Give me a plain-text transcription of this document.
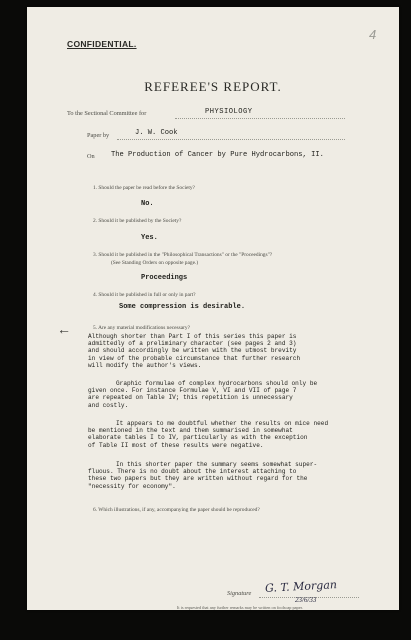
4
CONFIDENTIAL.
REFEREE'S REPORT.
To the Sectional Committee for	PHYSIOLOGY
Paper by	J. W. Cook
On The Production of Cancer by Pure Hydrocarbons, II.
1. Should the paper be read before the Society?
No.
2. Should it be published by the Society?
Yes.
3. Should it be published in the "Philosophical Transactions" or the "Proceedings"?
(See Standing Orders on opposite page.)
Proceedings
4. Should it be published in full or only in part?
Some compression is desirable.
←	5. Are any material modifications necessary?
Although shorter than Part I of this series this paper is
admittedly of a preliminary character (see pages 2 and 3)
and should accordingly be written with the utmost brevity
in view of the probable circumstance that further research
will modify the author's views.
Graphic formulae of complex hydrocarbons should only be
given once. For instance Formulae V, VI and VII of page 7
are repeated on Table IV; this repetition is unnecessary
and costly.
It appears to me doubtful whether the results on mice need
be mentioned in the text and them summarised in somewhat
elaborate tables I to IV, particularly as with the exception
of Table II most of these results were negative.
In this shorter paper the summary seems somewhat super-
fluous. There is no doubt about the interest attaching to
these two papers but they are written without regard for the
"necessity for economy".
6. Which illustrations, if any, accompanying the paper should be reproduced?
Signature G. T. Morgan
23/6/33
It is requested that any further remarks may be written on foolscap paper.
